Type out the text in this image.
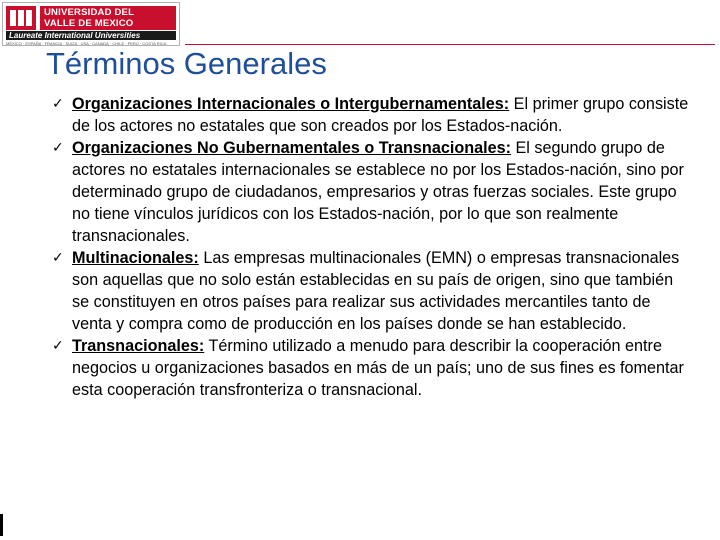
UNIVERSIDAD DEL
VALLE DE MEXICO
Laureate International Universities
MÉXICO · ESPAÑA · FRANCIA · SUIZA · USA · CANADÁ · CHILE · PERÚ · COSTA RICA
Términos Generales
✓ Organizaciones Internacionales o Intergubernamentales: El primer grupo consiste de los actores no estatales que son creados por los Estados-nación.
✓ Organizaciones No Gubernamentales o Transnacionales: El segundo grupo de actores no estatales internacionales se establece no por los Estados-nación, sino por determinado grupo de ciudadanos, empresarios y otras fuerzas sociales. Este grupo no tiene vínculos jurídicos con los Estados-nación, por lo que son realmente transnacionales.
✓ Multinacionales: Las empresas multinacionales (EMN) o empresas transnacionales son aquellas que no solo están establecidas en su país de origen, sino que también se constituyen en otros países para realizar sus actividades mercantiles tanto de venta y compra como de producción en los países donde se han establecido.
✓ Transnacionales: Término utilizado a menudo para describir la cooperación entre negocios u organizaciones basados en más de un país; uno de sus fines es fomentar esta cooperación transfronteriza o transnacional.
